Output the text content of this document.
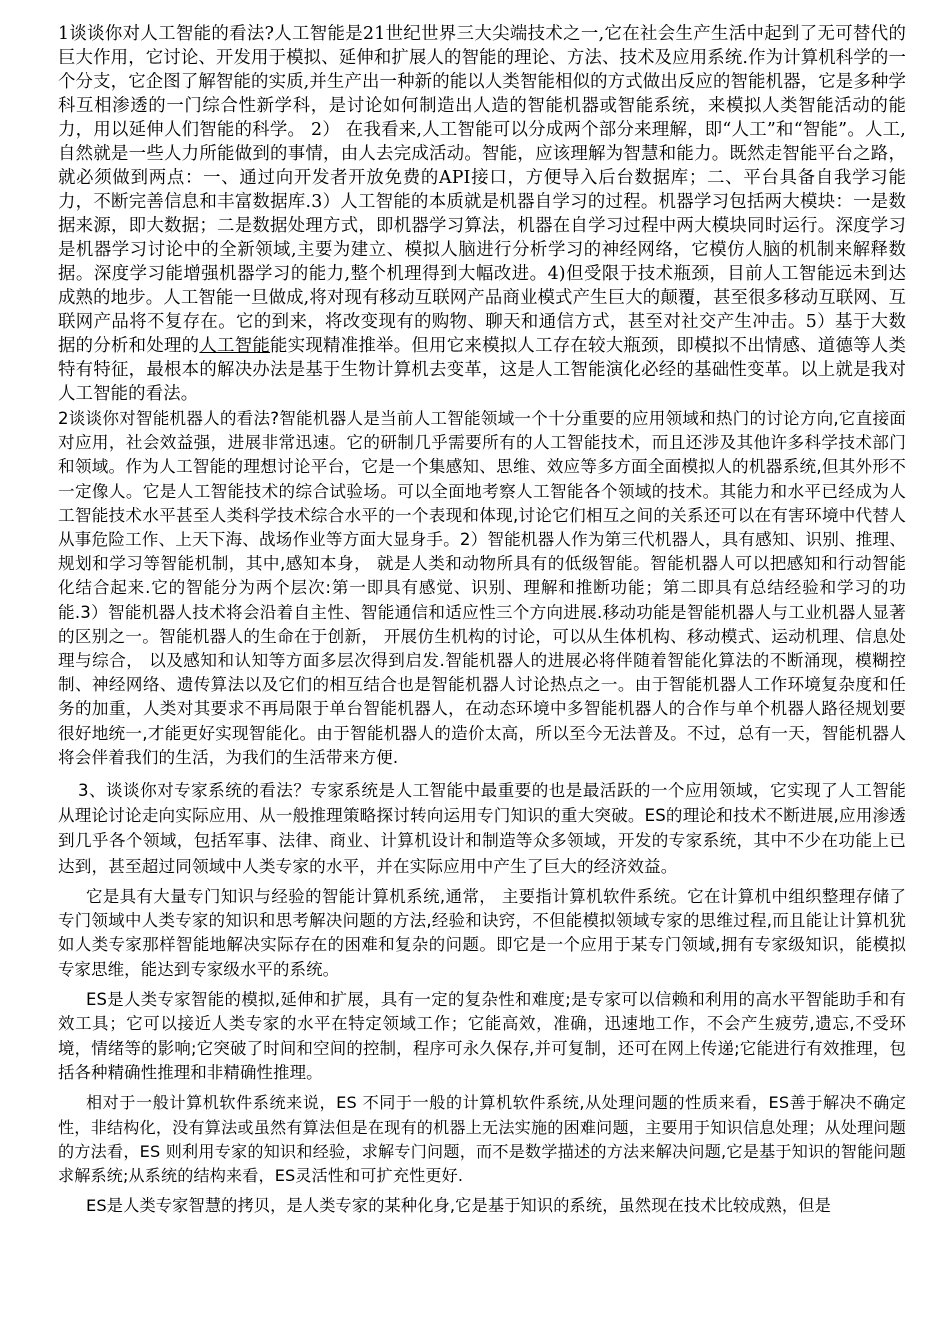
1谈谈你对人工智能的看法?人工智能是21世纪世界三大尖端技术之一,它在社会生产生活中起到了无可替代的巨大作用，它讨论、开发用于模拟、延伸和扩展人的智能的理论、方法、技术及应用系统.作为计算机科学的一个分支，它企图了解智能的实质,并生产出一种新的能以人类智能相似的方式做出反应的智能机器，它是多种学科互相渗透的一门综合性新学科，是讨论如何制造出人造的智能机器或智能系统，来模拟人类智能活动的能力，用以延伸人们智能的科学。 2） 在我看来,人工智能可以分成两个部分来理解，即“人工”和“智能”。人工,自然就是一些人力所能做到的事情，由人去完成活动。智能，应该理解为智慧和能力。既然走智能平台之路，就必须做到两点：一、通过向开发者开放免费的API接口，方便导入后台数据库；二、平台具备自我学习能力，不断完善信息和丰富数据库.3）人工智能的本质就是机器自学习的过程。机器学习包括两大模块：一是数据来源，即大数据；二是数据处理方式，即机器学习算法，机器在自学习过程中两大模块同时运行。深度学习是机器学习讨论中的全新领域,主要为建立、模拟人脑进行分析学习的神经网络，它模仿人脑的机制来解释数据。深度学习能增强机器学习的能力,整个机理得到大幅改进。4)但受限于技术瓶颈，目前人工智能远未到达成熟的地步。人工智能一旦做成,将对现有移动互联网产品商业模式产生巨大的颠覆，甚至很多移动互联网、互联网产品将不复存在。它的到来，将改变现有的购物、聊天和通信方式，甚至对社交产生冲击。5）基于大数据的分析和处理的人工智能能实现精准推举。但用它来模拟人工存在较大瓶颈，即模拟不出情感、道德等人类特有特征，最根本的解决办法是基于生物计算机去变革，这是人工智能演化必经的基础性变革。以上就是我对人工智能的看法。

2谈谈你对智能机器人的看法?智能机器人是当前人工智能领域一个十分重要的应用领域和热门的讨论方向,它直接面对应用，社会效益强，进展非常迅速。它的研制几乎需要所有的人工智能技术，而且还涉及其他许多科学技术部门和领域。作为人工智能的理想讨论平台，它是一个集感知、思维、效应等多方面全面模拟人的机器系统,但其外形不一定像人。它是人工智能技术的综合试验场。可以全面地考察人工智能各个领域的技术。其能力和水平已经成为人工智能技术水平甚至人类科学技术综合水平的一个表现和体现,讨论它们相互之间的关系还可以在有害环境中代替人从事危险工作、上天下海、战场作业等方面大显身手。2）智能机器人作为第三代机器人，具有感知、识别、推理、规划和学习等智能机制，其中,感知本身， 就是人类和动物所具有的低级智能。智能机器人可以把感知和行动智能化结合起来.它的智能分为两个层次:第一即具有感觉、识别、理解和推断功能；第二即具有总结经验和学习的功能.3）智能机器人技术将会沿着自主性、智能通信和适应性三个方向进展.移动功能是智能机器人与工业机器人显著的区别之一。智能机器人的生命在于创新， 开展仿生机构的讨论，可以从生体机构、移动模式、运动机理、信息处理与综合， 以及感知和认知等方面多层次得到启发.智能机器人的进展必将伴随着智能化算法的不断涌现，模糊控制、神经网络、遗传算法以及它们的相互结合也是智能机器人讨论热点之一。由于智能机器人工作环境复杂度和任务的加重，人类对其要求不再局限于单台智能机器人，在动态环境中多智能机器人的合作与单个机器人路径规划要很好地统一,才能更好实现智能化。由于智能机器人的造价太高，所以至今无法普及。不过，总有一天，智能机器人将会伴着我们的生活，为我们的生活带来方便.

3、谈谈你对专家系统的看法？专家系统是人工智能中最重要的也是最活跃的一个应用领域，它实现了人工智能从理论讨论走向实际应用、从一般推理策略探讨转向运用专门知识的重大突破。ES的理论和技术不断进展,应用渗透到几乎各个领域，包括军事、法律、商业、计算机设计和制造等众多领域，开发的专家系统，其中不少在功能上已达到，甚至超过同领域中人类专家的水平，并在实际应用中产生了巨大的经济效益。

它是具有大量专门知识与经验的智能计算机系统,通常， 主要指计算机软件系统。它在计算机中组织整理存储了专门领域中人类专家的知识和思考解决问题的方法,经验和诀窍，不但能模拟领域专家的思维过程,而且能让计算机犹如人类专家那样智能地解决实际存在的困难和复杂的问题。即它是一个应用于某专门领域,拥有专家级知识，能模拟专家思维，能达到专家级水平的系统。

ES是人类专家智能的模拟,延伸和扩展，具有一定的复杂性和难度;是专家可以信赖和利用的高水平智能助手和有效工具；它可以接近人类专家的水平在特定领域工作；它能高效，准确，迅速地工作，不会产生疲劳,遗忘,不受环境，情绪等的影响;它突破了时间和空间的控制，程序可永久保存,并可复制，还可在网上传递;它能进行有效推理，包括各种精确性推理和非精确性推理。

相对于一般计算机软件系统来说，ES 不同于一般的计算机软件系统,从处理问题的性质来看，ES善于解决不确定性，非结构化，没有算法或虽然有算法但是在现有的机器上无法实施的困难问题，主要用于知识信息处理；从处理问题的方法看，ES 则利用专家的知识和经验，求解专门问题，而不是数学描述的方法来解决问题,它是基于知识的智能问题求解系统;从系统的结构来看，ES灵活性和可扩充性更好.

ES是人类专家智慧的拷贝，是人类专家的某种化身,它是基于知识的系统，虽然现在技术比较成熟，但是
